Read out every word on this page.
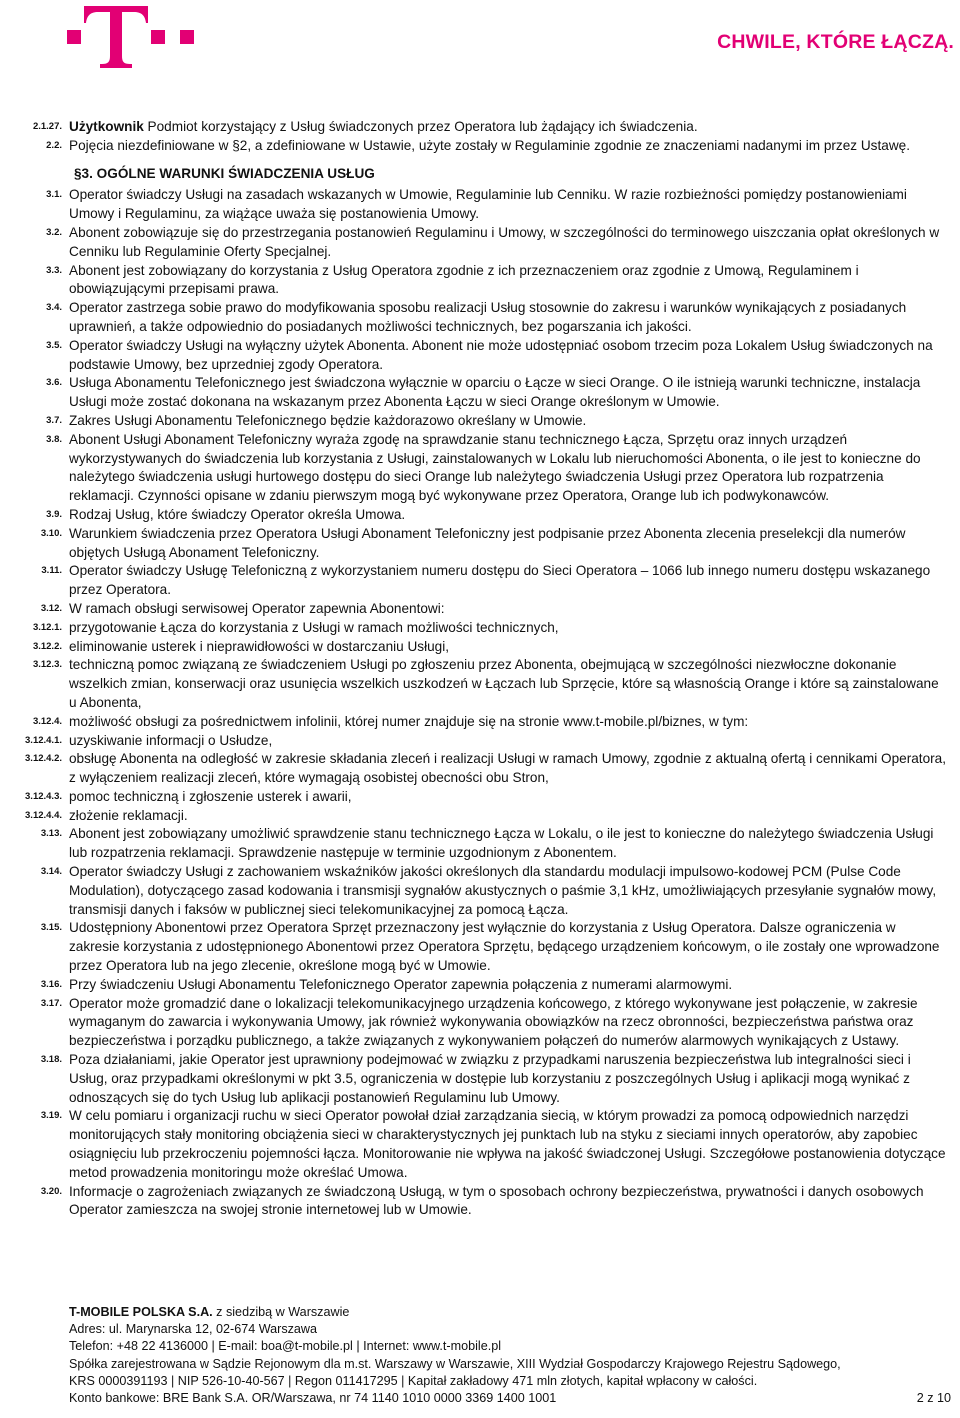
CHWILE, KTÓRE ŁĄCZĄ.
2.1.27. Użytkownik Podmiot korzystający z Usług świadczonych przez Operatora lub żądający ich świadczenia.
2.2. Pojęcia niezdefiniowane w §2, a zdefiniowane w Ustawie, użyte zostały w Regulaminie zgodnie ze znaczeniami nadanymi im przez Ustawę.
§3. OGÓLNE WARUNKI ŚWIADCZENIA USŁUG
3.1. Operator świadczy Usługi na zasadach wskazanych w Umowie, Regulaminie lub Cenniku. W razie rozbieżności pomiędzy postanowieniami Umowy i Regulaminu, za wiążące uważa się postanowienia Umowy.
3.2. Abonent zobowiązuje się do przestrzegania postanowień Regulaminu i Umowy, w szczególności do terminowego uiszczania opłat określonych w Cenniku lub Regulaminie Oferty Specjalnej.
3.3. Abonent jest zobowiązany do korzystania z Usług Operatora zgodnie z ich przeznaczeniem oraz zgodnie z Umową, Regulaminem i obowiązującymi przepisami prawa.
3.4. Operator zastrzega sobie prawo do modyfikowania sposobu realizacji Usług stosownie do zakresu i warunków wynikających z posiadanych uprawnień, a także odpowiednio do posiadanych możliwości technicznych, bez pogarszania ich jakości.
3.5. Operator świadczy Usługi na wyłączny użytek Abonenta. Abonent nie może udostępniać osobom trzecim poza Lokalem Usług świadczonych na podstawie Umowy, bez uprzedniej zgody Operatora.
3.6. Usługa Abonamentu Telefonicznego jest świadczona wyłącznie w oparciu o Łącze w sieci Orange. O ile istnieją warunki techniczne, instalacja Usługi może zostać dokonana na wskazanym przez Abonenta Łączu w sieci Orange określonym w Umowie.
3.7. Zakres Usługi Abonamentu Telefonicznego będzie każdorazowo określany w Umowie.
3.8. Abonent Usługi Abonament Telefoniczny wyraża zgodę na sprawdzanie stanu technicznego Łącza, Sprzętu oraz innych urządzeń wykorzystywanych do świadczenia lub korzystania z Usługi, zainstalowanych w Lokalu lub nieruchomości Abonenta, o ile jest to konieczne do należytego świadczenia usługi hurtowego dostępu do sieci Orange lub należytego świadczenia Usługi przez Operatora lub rozpatrzenia reklamacji. Czynności opisane w zdaniu pierwszym mogą być wykonywane przez Operatora, Orange lub ich podwykonawców.
3.9. Rodzaj Usług, które świadczy Operator określa Umowa.
3.10. Warunkiem świadczenia przez Operatora Usługi Abonament Telefoniczny jest podpisanie przez Abonenta zlecenia preselekcji dla numerów objętych Usługą Abonament Telefoniczny.
3.11. Operator świadczy Usługę Telefoniczną z wykorzystaniem numeru dostępu do Sieci Operatora – 1066 lub innego numeru dostępu wskazanego przez Operatora.
3.12. W ramach obsługi serwisowej Operator zapewnia Abonentowi:
3.12.1. przygotowanie Łącza do korzystania z Usługi w ramach możliwości technicznych,
3.12.2. eliminowanie usterek i nieprawidłowości w dostarczaniu Usługi,
3.12.3. techniczną pomoc związaną ze świadczeniem Usługi po zgłoszeniu przez Abonenta, obejmującą w szczególności niezwłoczne dokonanie wszelkich zmian, konserwacji oraz usunięcia wszelkich uszkodzeń w Łączach lub Sprzęcie, które są własnością Orange i które są zainstalowane u Abonenta,
3.12.4. możliwość obsługi za pośrednictwem infolinii, której numer znajduje się na stronie www.t-mobile.pl/biznes, w tym:
3.12.4.1. uzyskiwanie informacji o Usłudze,
3.12.4.2. obsługę Abonenta na odległość w zakresie składania zleceń i realizacji Usługi w ramach Umowy, zgodnie z aktualną ofertą i cennikami Operatora, z wyłączeniem realizacji zleceń, które wymagają osobistej obecności obu Stron,
3.12.4.3. pomoc techniczną i zgłoszenie usterek i awarii,
3.12.4.4. złożenie reklamacji.
3.13. Abonent jest zobowiązany umożliwić sprawdzenie stanu technicznego Łącza w Lokalu, o ile jest to konieczne do należytego świadczenia Usługi lub rozpatrzenia reklamacji. Sprawdzenie następuje w terminie uzgodnionym z Abonentem.
3.14. Operator świadczy Usługi z zachowaniem wskaźników jakości określonych dla standardu modulacji impulsowo-kodowej PCM (Pulse Code Modulation), dotyczącego zasad kodowania i transmisji sygnałów akustycznych o paśmie 3,1 kHz, umożliwiających przesyłanie sygnałów mowy, transmisji danych i faksów w publicznej sieci telekomunikacyjnej za pomocą Łącza.
3.15. Udostępniony Abonentowi przez Operatora Sprzęt przeznaczony jest wyłącznie do korzystania z Usług Operatora. Dalsze ograniczenia w zakresie korzystania z udostępnionego Abonentowi przez Operatora Sprzętu, będącego urządzeniem końcowym, o ile zostały one wprowadzone przez Operatora lub na jego zlecenie, określone mogą być w Umowie.
3.16. Przy świadczeniu Usługi Abonamentu Telefonicznego Operator zapewnia połączenia z numerami alarmowymi.
3.17. Operator może gromadzić dane o lokalizacji telekomunikacyjnego urządzenia końcowego, z którego wykonywane jest połączenie, w zakresie wymaganym do zawarcia i wykonywania Umowy, jak również wykonywania obowiązków na rzecz obronności, bezpieczeństwa państwa oraz bezpieczeństwa i porządku publicznego, a także związanych z wykonywaniem połączeń do numerów alarmowych wynikających z Ustawy.
3.18. Poza działaniami, jakie Operator jest uprawniony podejmować w związku z przypadkami naruszenia bezpieczeństwa lub integralności sieci i Usług, oraz przypadkami określonymi w pkt 3.5, ograniczenia w dostępie lub korzystaniu z poszczególnych Usług i aplikacji mogą wynikać z odnoszących się do tych Usług lub aplikacji postanowień Regulaminu lub Umowy.
3.19. W celu pomiaru i organizacji ruchu w sieci Operator powołał dział zarządzania siecią, w którym prowadzi za pomocą odpowiednich narzędzi monitorujących stały monitoring obciążenia sieci w charakterystycznych jej punktach lub na styku z sieciami innych operatorów, aby zapobiec osiągnięciu lub przekroczeniu pojemności łącza. Monitorowanie nie wpływa na jakość świadczonej Usługi. Szczegółowe postanowienia dotyczące metod prowadzenia monitoringu może określać Umowa.
3.20. Informacje o zagrożeniach związanych ze świadczoną Usługą, w tym o sposobach ochrony bezpieczeństwa, prywatności i danych osobowych Operator zamieszcza na swojej stronie internetowej lub w Umowie.
T-MOBILE POLSKA S.A. z siedzibą w Warszawie
Adres: ul. Marynarska 12, 02-674 Warszawa
Telefon: +48 22 4136000 | E-mail: boa@t-mobile.pl | Internet: www.t-mobile.pl
Spółka zarejestrowana w Sądzie Rejonowym dla m.st. Warszawy w Warszawie, XIII Wydział Gospodarczy Krajowego Rejestru Sądowego,
KRS 0000391193 | NIP 526-10-40-567 | Regon 011417295 | Kapitał zakładowy 471 mln złotych, kapitał wpłacony w całości.
Konto bankowe: BRE Bank S.A. OR/Warszawa, nr 74 1140 1010 0000 3369 1400 1001	2 z 10
